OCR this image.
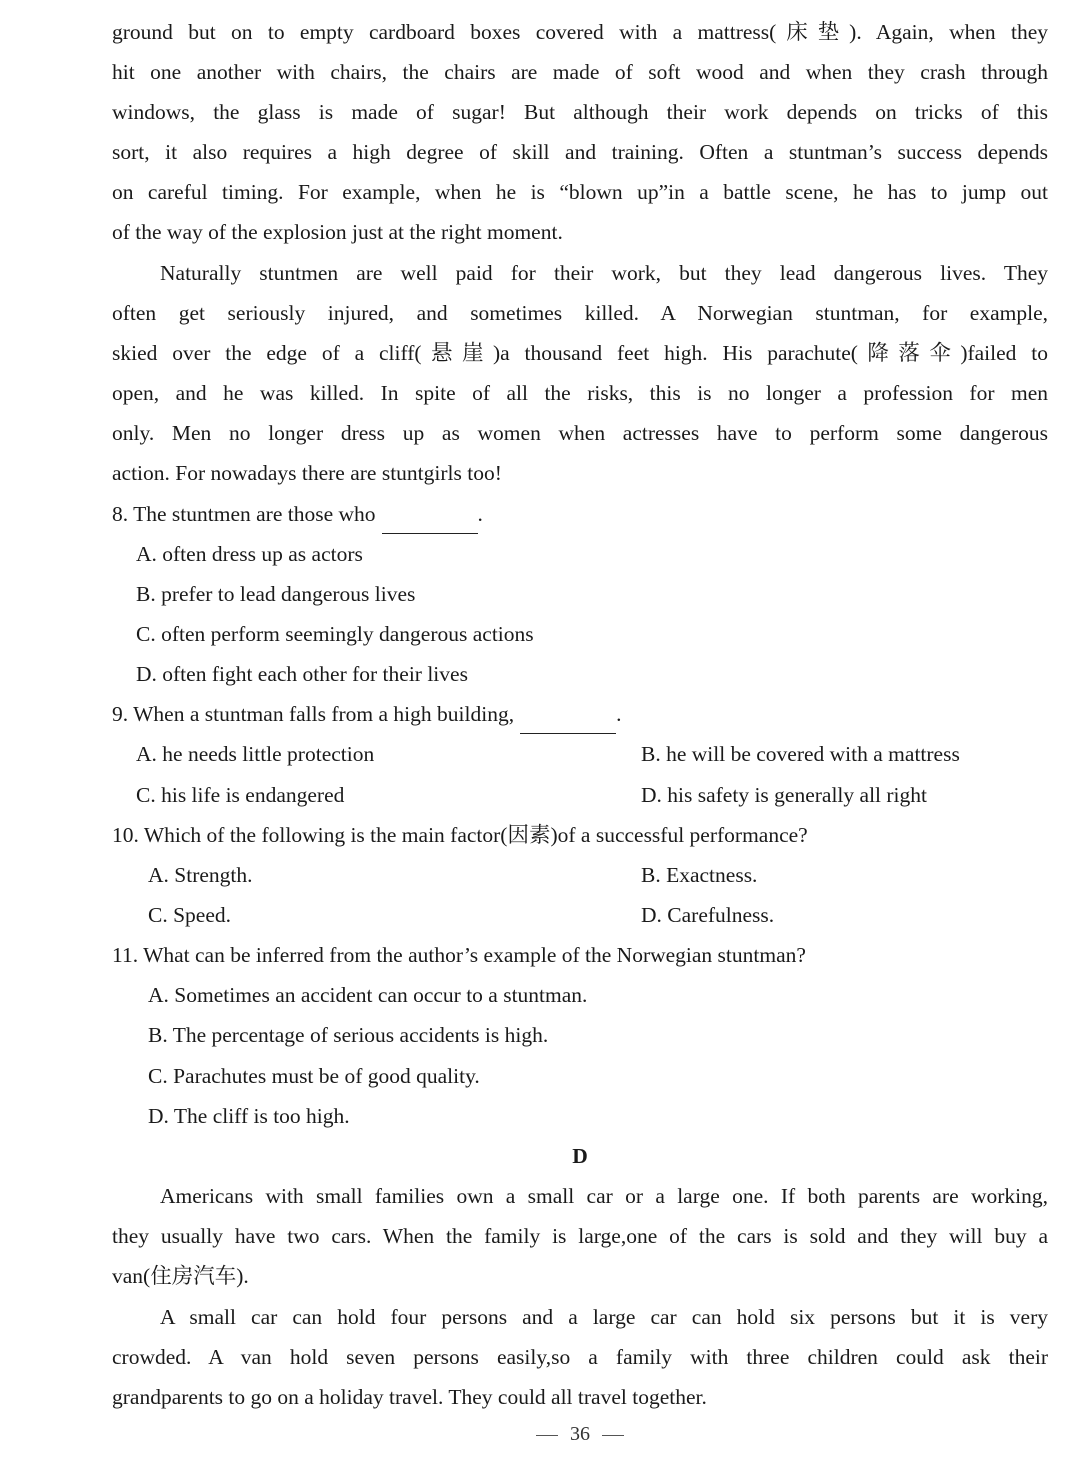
ground but on to empty cardboard boxes covered with a mattress(床垫). Again, when they
hit one another with chairs, the chairs are made of soft wood and when they crash through
windows, the glass is made of sugar! But although their work depends on tricks of this
sort, it also requires a high degree of skill and training. Often a stuntman’s success depends
on careful timing. For example, when he is “blown up”in a battle scene, he has to jump out
of the way of the explosion just at the right moment.
Naturally stuntmen are well paid for their work, but they lead dangerous lives. They
often get seriously injured, and sometimes killed. A Norwegian stuntman, for example,
skied over the edge of a cliff(悬崖)a thousand feet high. His parachute(降落伞)failed to
open, and he was killed. In spite of all the risks, this is no longer a profession for men
only. Men no longer dress up as women when actresses have to perform some dangerous
action. For nowadays there are stuntgirls too!
8. The stuntmen are those who	.
A. often dress up as actors
B. prefer to lead dangerous lives
C. often perform seemingly dangerous actions
D. often fight each other for their lives
9. When a stuntman falls from a high building,	.
A. he needs little protection	B. he will be covered with a mattress
C. his life is endangered	D. his safety is generally all right
10. Which of the following is the main factor(因素)of a successful performance?
A. Strength.	B. Exactness.
C. Speed.	D. Carefulness.
11. What can be inferred from the author’s example of the Norwegian stuntman?
A. Sometimes an accident can occur to a stuntman.
B. The percentage of serious accidents is high.
C. Parachutes must be of good quality.
D. The cliff is too high.
D
Americans with small families own a small car or a large one. If both parents are working,
they usually have two cars. When the family is large,one of the cars is sold and they will buy a
van(住房汽车).
A small car can hold four persons and a large car can hold six persons but it is very
crowded. A van hold seven persons easily,so a family with three children could ask their
grandparents to go on a holiday travel. They could all travel together.
36
